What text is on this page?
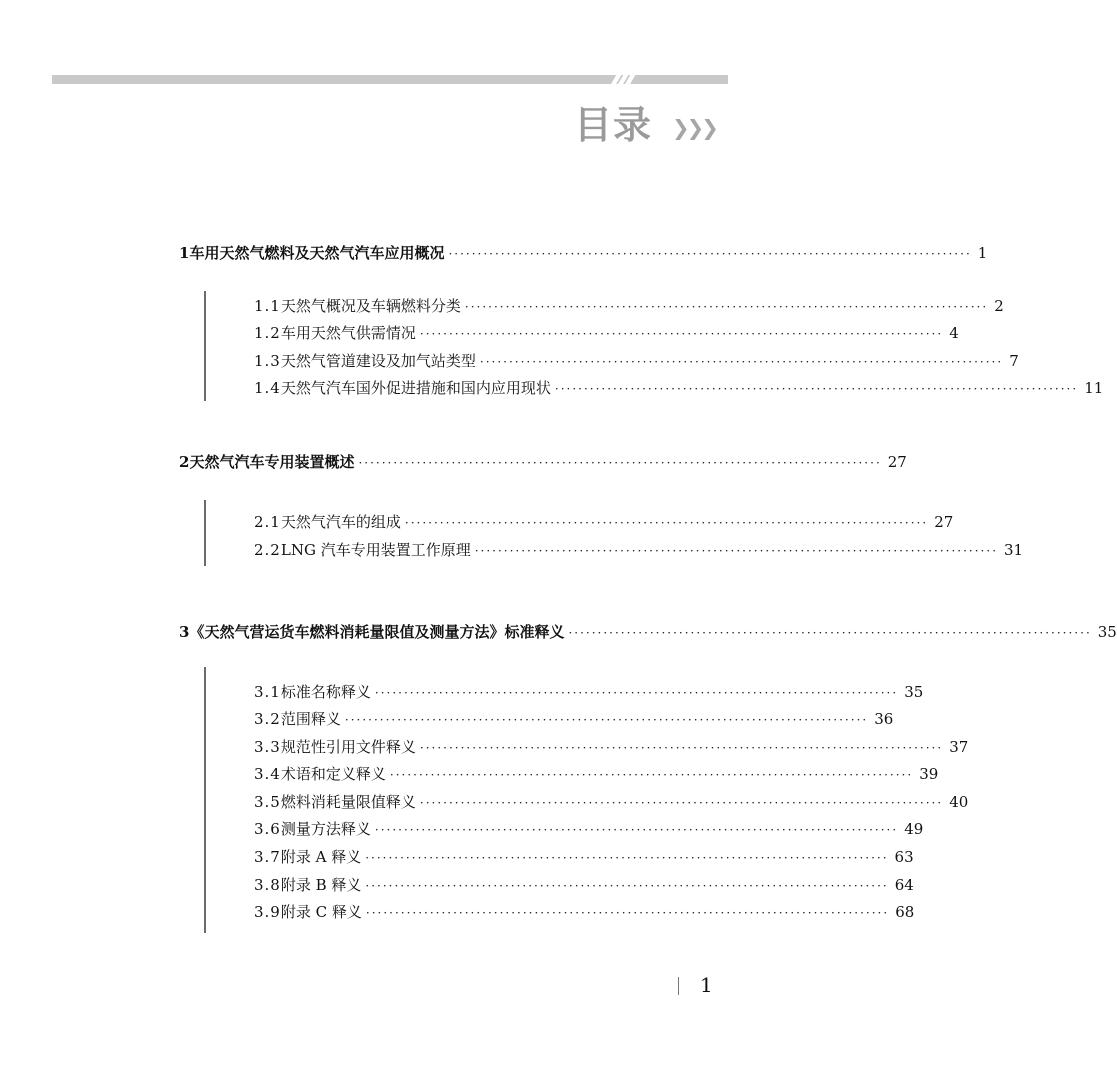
目录 ❯❯❯
1 车用天然气燃料及天然气汽车应用概况 ·························································································· 1
1.1 天然气概况及车辆燃料分类 ·························································································· 2
1.2 车用天然气供需情况 ·························································································· 4
1.3 天然气管道建设及加气站类型 ·························································································· 7
1.4 天然气汽车国外促进措施和国内应用现状 ·························································································· 11
2 天然气汽车专用装置概述 ·························································································· 27
2.1 天然气汽车的组成 ·························································································· 27
2.2 LNG 汽车专用装置工作原理 ·························································································· 31
3 《天然气营运货车燃料消耗量限值及测量方法》标准释义 ·························································································· 35
3.1 标准名称释义 ·························································································· 35
3.2 范围释义 ·························································································· 36
3.3 规范性引用文件释义 ·························································································· 37
3.4 术语和定义释义 ·························································································· 39
3.5 燃料消耗量限值释义 ·························································································· 40
3.6 测量方法释义 ·························································································· 49
3.7 附录 A 释义 ·························································································· 63
3.8 附录 B 释义 ·························································································· 64
3.9 附录 C 释义 ·························································································· 68
1
